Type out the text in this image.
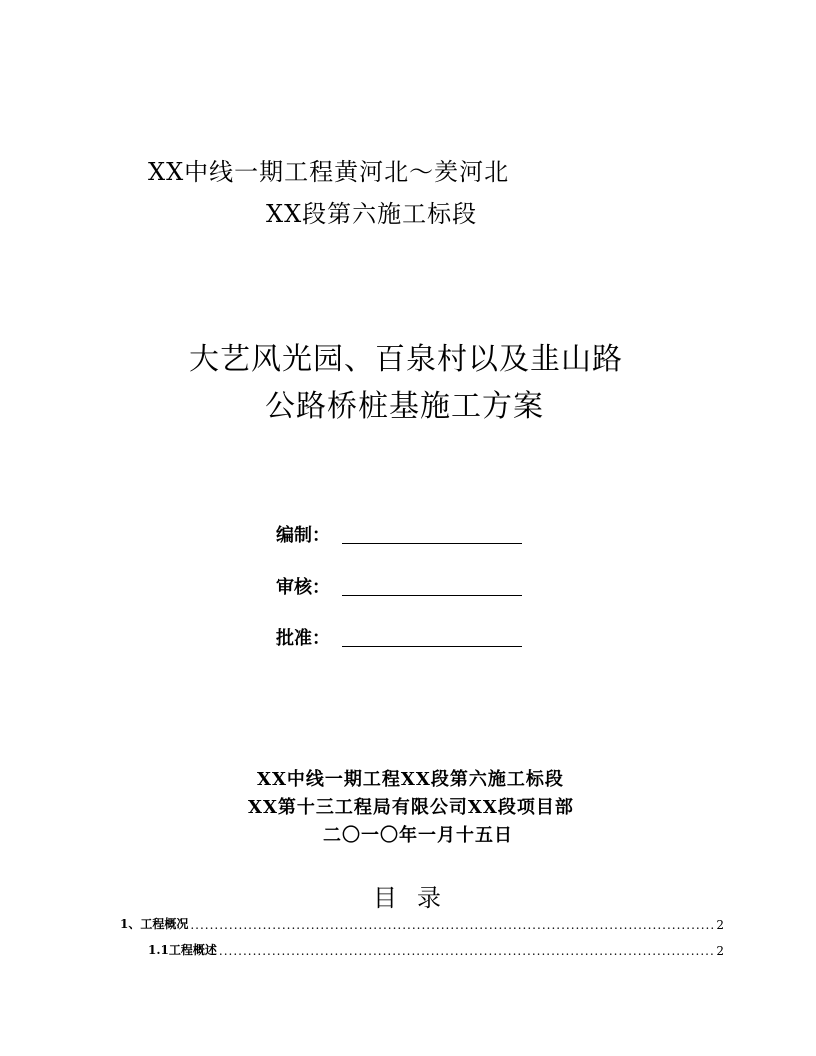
XX中线一期工程黄河北～羑河北
XX段第六施工标段
大艺风光园、百泉村以及韭山路
公路桥桩基施工方案
编制：
审核：
批准：
XX中线一期工程XX段第六施工标段
XX第十三工程局有限公司XX段项目部
二〇一〇年一月十五日
目录
1、工程概况 .....	2
1.1工程概述 .....	2
